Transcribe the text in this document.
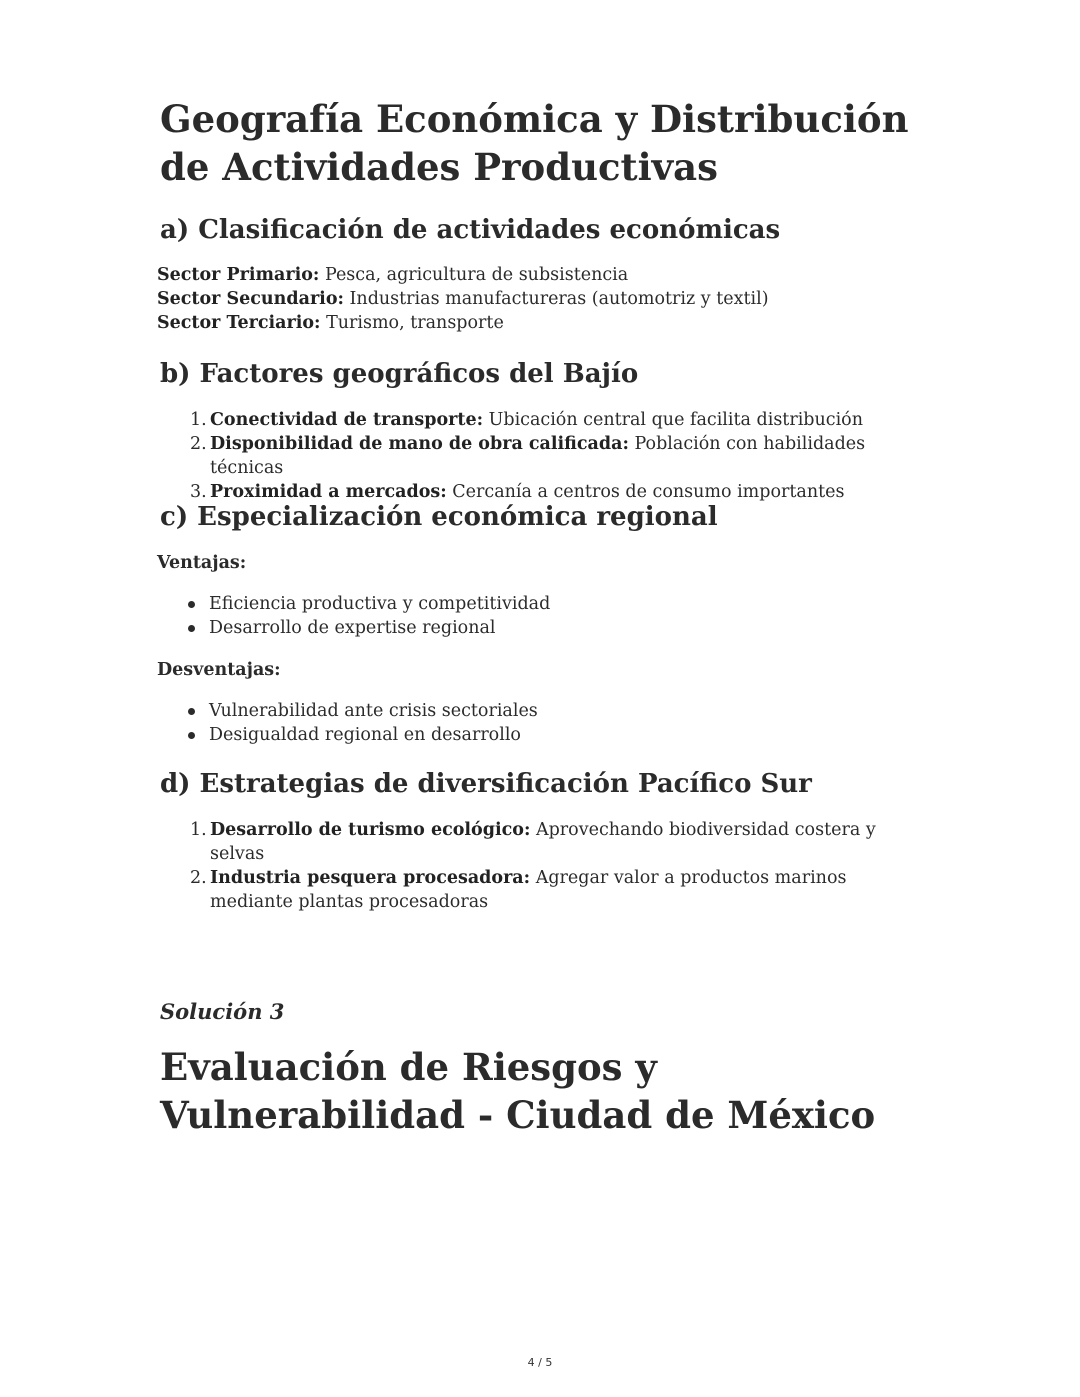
Geografía Económica y Distribución de Actividades Productivas
a) Clasificación de actividades económicas
Sector Primario: Pesca, agricultura de subsistencia
Sector Secundario: Industrias manufactureras (automotriz y textil)
Sector Terciario: Turismo, transporte
b) Factores geográficos del Bajío
1. Conectividad de transporte: Ubicación central que facilita distribución
2. Disponibilidad de mano de obra calificada: Población con habilidades técnicas
3. Proximidad a mercados: Cercanía a centros de consumo importantes
c) Especialización económica regional
Ventajas:
Eficiencia productiva y competitividad
Desarrollo de expertise regional
Desventajas:
Vulnerabilidad ante crisis sectoriales
Desigualdad regional en desarrollo
d) Estrategias de diversificación Pacífico Sur
1. Desarrollo de turismo ecológico: Aprovechando biodiversidad costera y selvas
2. Industria pesquera procesadora: Agregar valor a productos marinos mediante plantas procesadoras
Solución 3
Evaluación de Riesgos y Vulnerabilidad - Ciudad de México
4 / 5
